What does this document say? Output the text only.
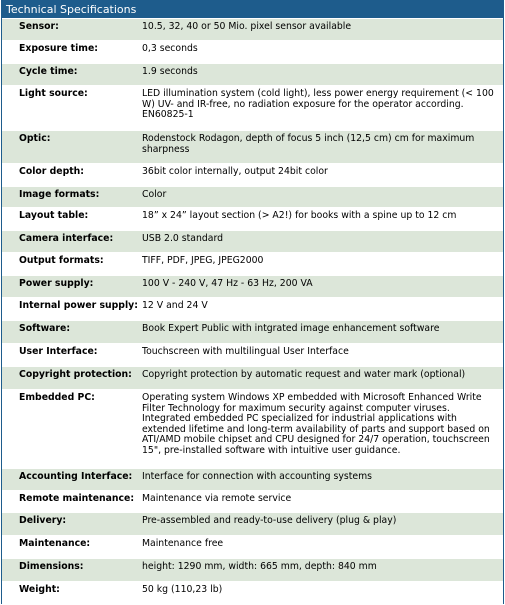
Technical Specifications
Sensor:	10.5, 32, 40 or 50 Mio. pixel sensor available
Exposure time:	0,3 seconds
Cycle time:	1.9 seconds
Light source:	LED illumination system (cold light), less power energy requirement (< 100 W) UV- and IR-free, no radiation exposure for the operator according. EN60825-1
Optic:	Rodenstock Rodagon, depth of focus 5 inch (12,5 cm) cm for maximum sharpness
Color depth:	36bit color internally, output 24bit color
Image formats:	Color
Layout table:	18” x 24” layout section (> A2!) for books with a spine up to 12 cm
Camera interface:	USB 2.0 standard
Output formats:	TIFF, PDF, JPEG, JPEG2000
Power supply:	100 V - 240 V, 47 Hz - 63 Hz, 200 VA
Internal power supply: 12 V and 24 V
Software:	Book Expert Public with intgrated image enhancement software
User Interface:	Touchscreen with multilingual User Interface
Copyright protection:	Copyright protection by automatic request and water mark (optional)
Embedded PC:	Operating system Windows XP embedded with Microsoft Enhanced Write Filter Technology for maximum security against computer viruses. Integrated embedded PC specialized for industrial applications with extended lifetime and long-term availability of parts and support based on ATI/AMD mobile chipset and CPU designed for 24/7 operation, touchscreen 15", pre-installed software with intuitive user guidance.
Accounting Interface:	Interface for connection with accounting systems
Remote maintenance: Maintenance via remote service
Delivery:	Pre-assembled and ready-to-use delivery (plug & play)
Maintenance:	Maintenance free
Dimensions:	height: 1290 mm, width: 665 mm, depth: 840 mm
Weight:	50 kg (110,23 lb)
